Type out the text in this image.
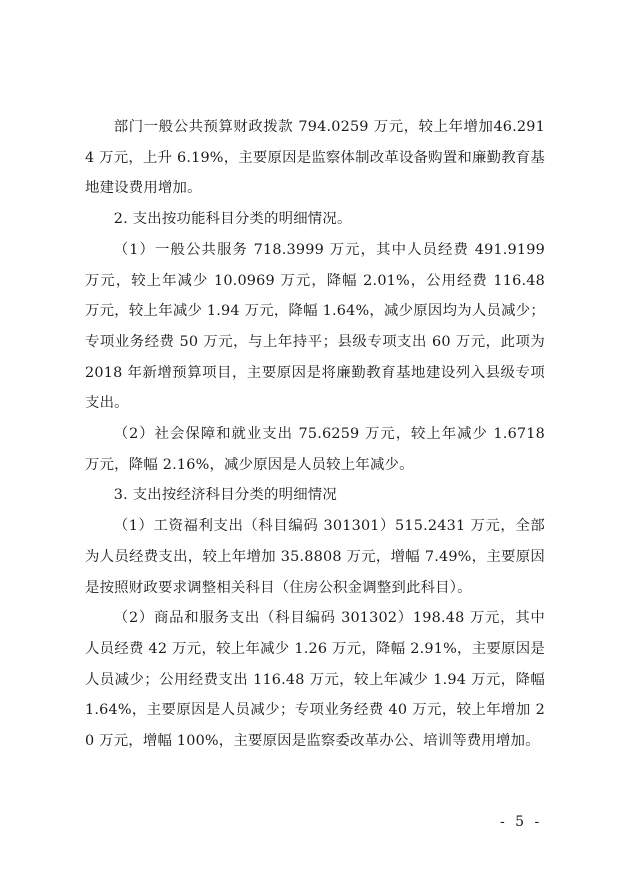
部门一般公共预算财政拨款 794.0259 万元，较上年增加46.2914 万元，上升 6.19%，主要原因是监察体制改革设备购置和廉勤教育基地建设费用增加。

2. 支出按功能科目分类的明细情况。

（1）一般公共服务 718.3999 万元，其中人员经费 491.9199 万元，较上年减少 10.0969 万元，降幅 2.01%，公用经费 116.48 万元，较上年减少 1.94 万元，降幅 1.64%，减少原因均为人员减少；专项业务经费 50 万元，与上年持平；县级专项支出 60 万元，此项为 2018 年新增预算项目，主要原因是将廉勤教育基地建设列入县级专项支出。

（2）社会保障和就业支出 75.6259 万元，较上年减少 1.6718 万元，降幅 2.16%，减少原因是人员较上年减少。

3. 支出按经济科目分类的明细情况

（1）工资福利支出（科目编码 301301）515.2431 万元，全部为人员经费支出，较上年增加 35.8808 万元，增幅 7.49%，主要原因是按照财政要求调整相关科目（住房公积金调整到此科目）。

（2）商品和服务支出（科目编码 301302）198.48 万元，其中人员经费 42 万元，较上年减少 1.26 万元，降幅 2.91%，主要原因是人员减少；公用经费支出 116.48 万元，较上年减少 1.94 万元，降幅 1.64%，主要原因是人员减少；专项业务经费 40 万元，较上年增加 20 万元，增幅 100%，主要原因是监察委改革办公、培训等费用增加。

- 5 -
